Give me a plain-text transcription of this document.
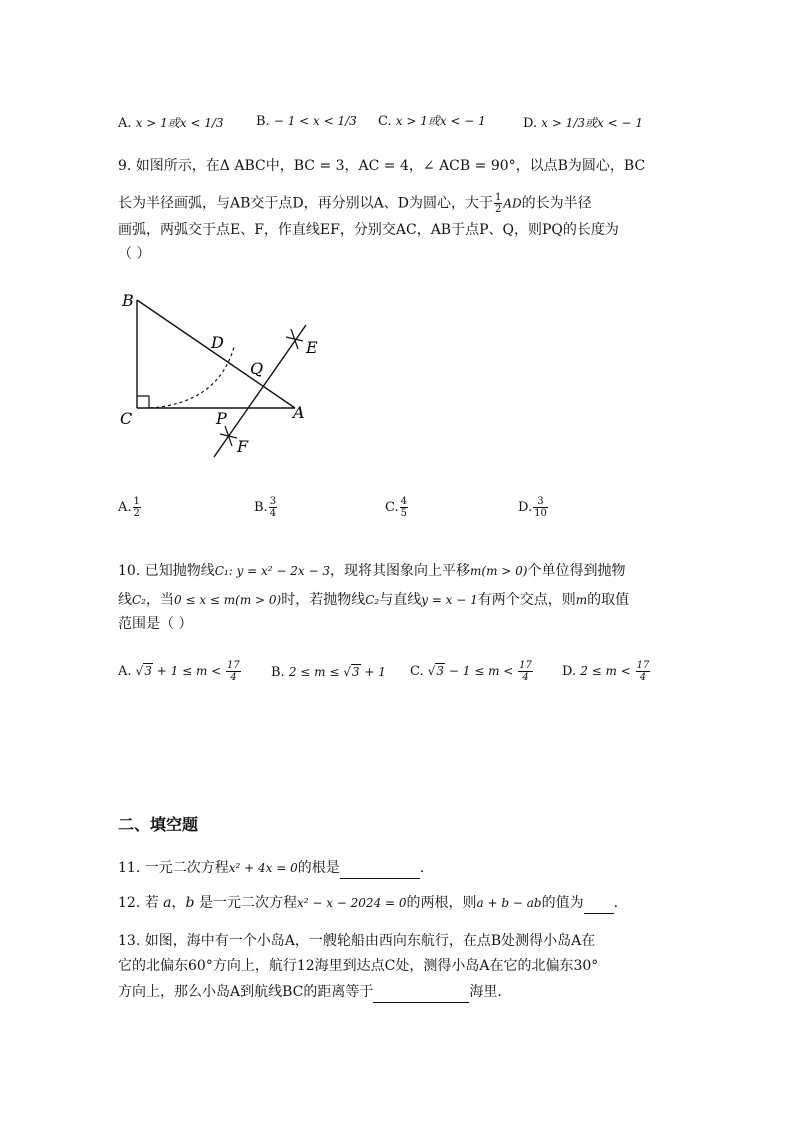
A. x > 1或x < 1/3 B. − 1 < x < 1/3 C. x > 1或x < − 1	D. x > 1/3或x < − 1
9. 如图所示，在Δ ABC中，BC = 3，AC = 4，∠ ACB = 90°，以点B为圆心，BC
长为半径画弧，与AB交于点D，再分别以A、D为圆心，大于 $\frac{1}{2}$ AD的长为半径
画弧，两弧交于点E、F，作直线EF，分别交AC，AB于点P、Q，则PQ的长度为
（ ）
B
C	A
D
Q
E
P
F
A. $\frac{1}{2}$	B. $\frac{3}{4}$	C. $\frac{4}{5}$	D. $\frac{3}{10}$
10. 已知抛物线C₁: y = x² − 2x − 3，现将其图象向上平移m(m > 0)个单位得到抛物
线C₂，当0 ≤ x ≤ m(m > 0)时，若抛物线C₂与直线y = x − 1有两个交点，则m的取值
范围是（ ）
A. $√3 + 1 \le m < \frac{17}{4} B$. 2 ≤ m ≤ √3 + 1 C. $√3 - 1 \le m < \frac{17}{4} D$. $2 \le m < \frac{17}{4}$
二、填空题
11. 一元二次方程x² + 4x = 0的根是	.
12. 若 a，b 是一元二次方程x² − x − 2024 = 0的两根，则a + b − ab的值为 .
13. 如图，海中有一个小岛A，一艘轮船由西向东航行，在点B处测得小岛A在
它的北偏东60°方向上，航行12海里到达点C处，测得小岛A在它的北偏东30°
方向上，那么小岛A到航线BC的距离等于	海里.
